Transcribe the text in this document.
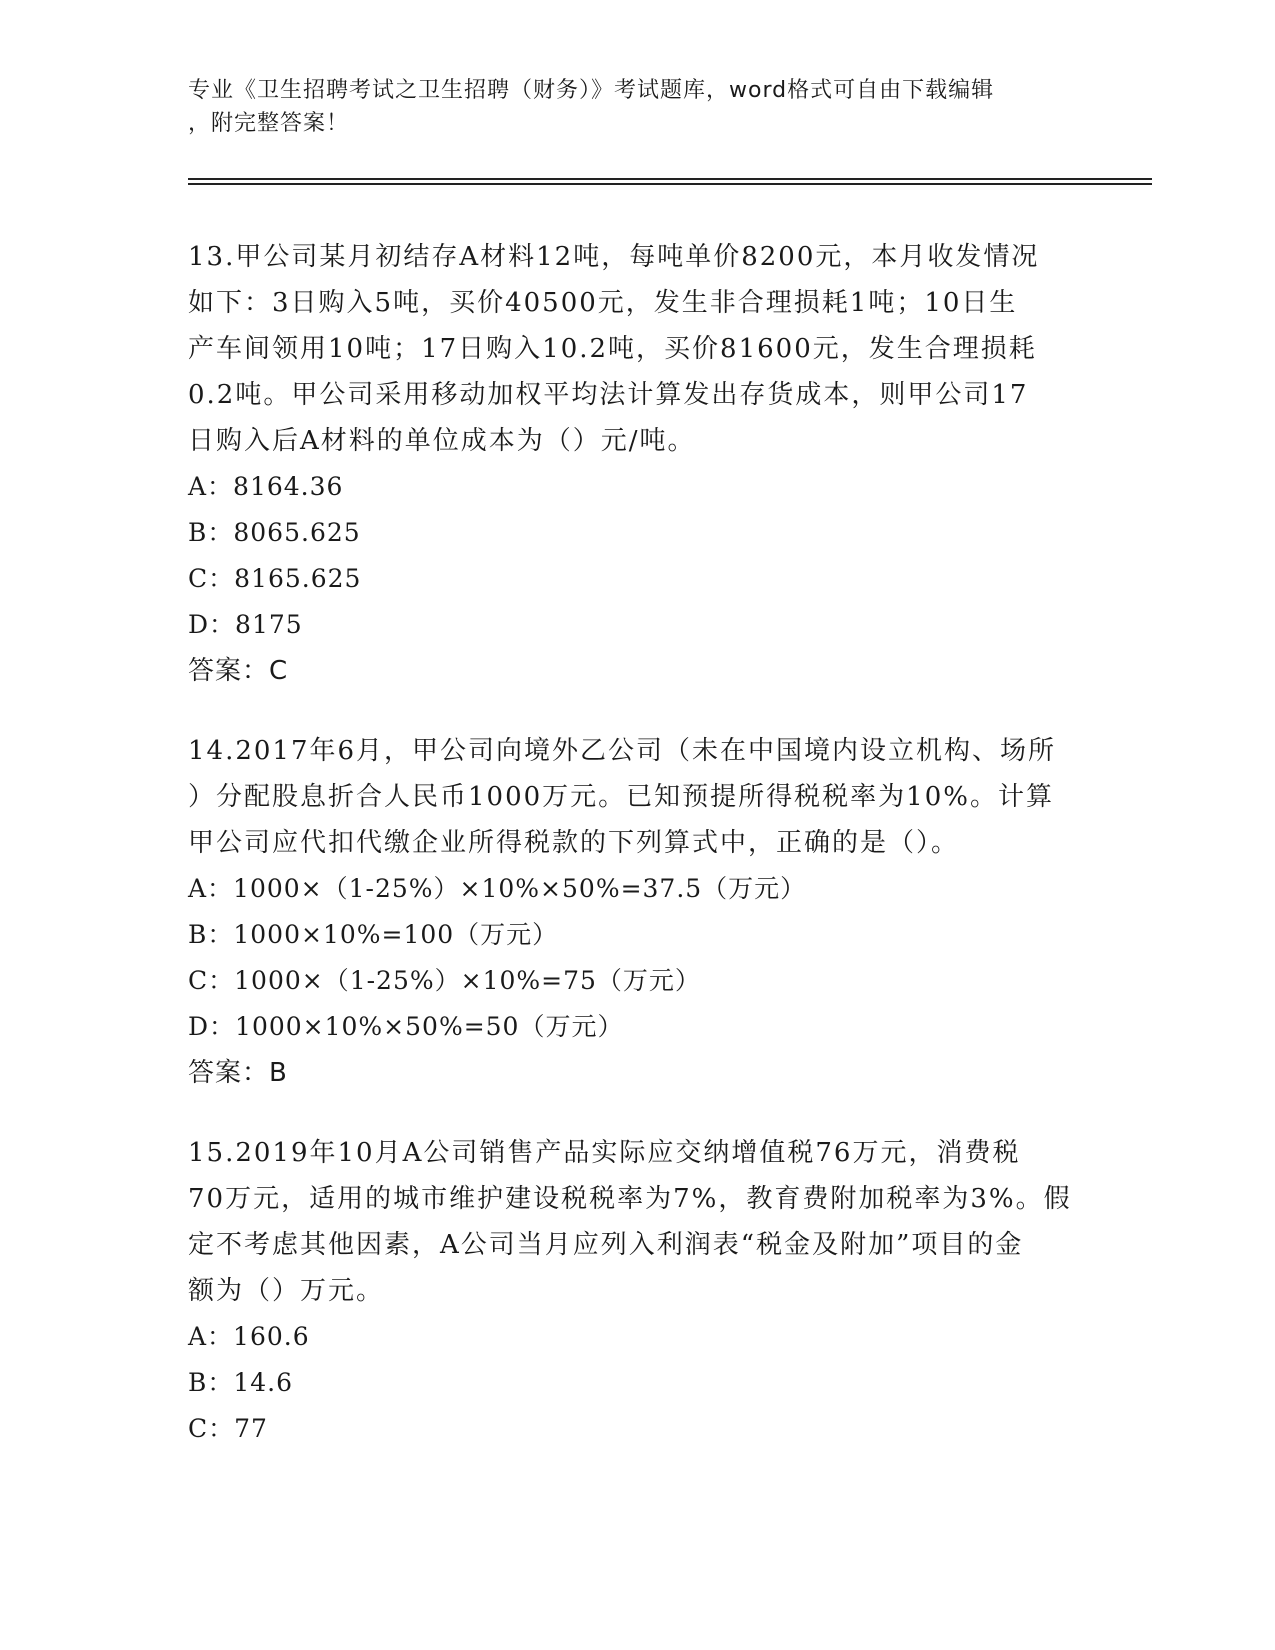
专业《卫生招聘考试之卫生招聘（财务）》考试题库，word格式可自由下载编辑
，附完整答案！
13.甲公司某月初结存A材料12吨，每吨单价8200元，本月收发情况
如下：3日购入5吨，买价40500元，发生非合理损耗1吨；10日生
产车间领用10吨；17日购入10.2吨，买价81600元，发生合理损耗
0.2吨。甲公司采用移动加权平均法计算发出存货成本，则甲公司17
日购入后A材料的单位成本为（）元/吨。
A：8164.36
B：8065.625
C：8165.625
D：8175
答案：C
14.2017年6月，甲公司向境外乙公司（未在中国境内设立机构、场所
）分配股息折合人民币1000万元。已知预提所得税税率为10%。计算
甲公司应代扣代缴企业所得税款的下列算式中，正确的是（）。
A：1000×（1-25%）×10%×50%=37.5（万元）
B：1000×10%=100（万元）
C：1000×（1-25%）×10%=75（万元）
D：1000×10%×50%=50（万元）
答案：B
15.2019年10月A公司销售产品实际应交纳增值税76万元，消费税
70万元，适用的城市维护建设税税率为7%，教育费附加税率为3%。假
定不考虑其他因素，A公司当月应列入利润表“税金及附加”项目的金
额为（）万元。
A：160.6
B：14.6
C：77
